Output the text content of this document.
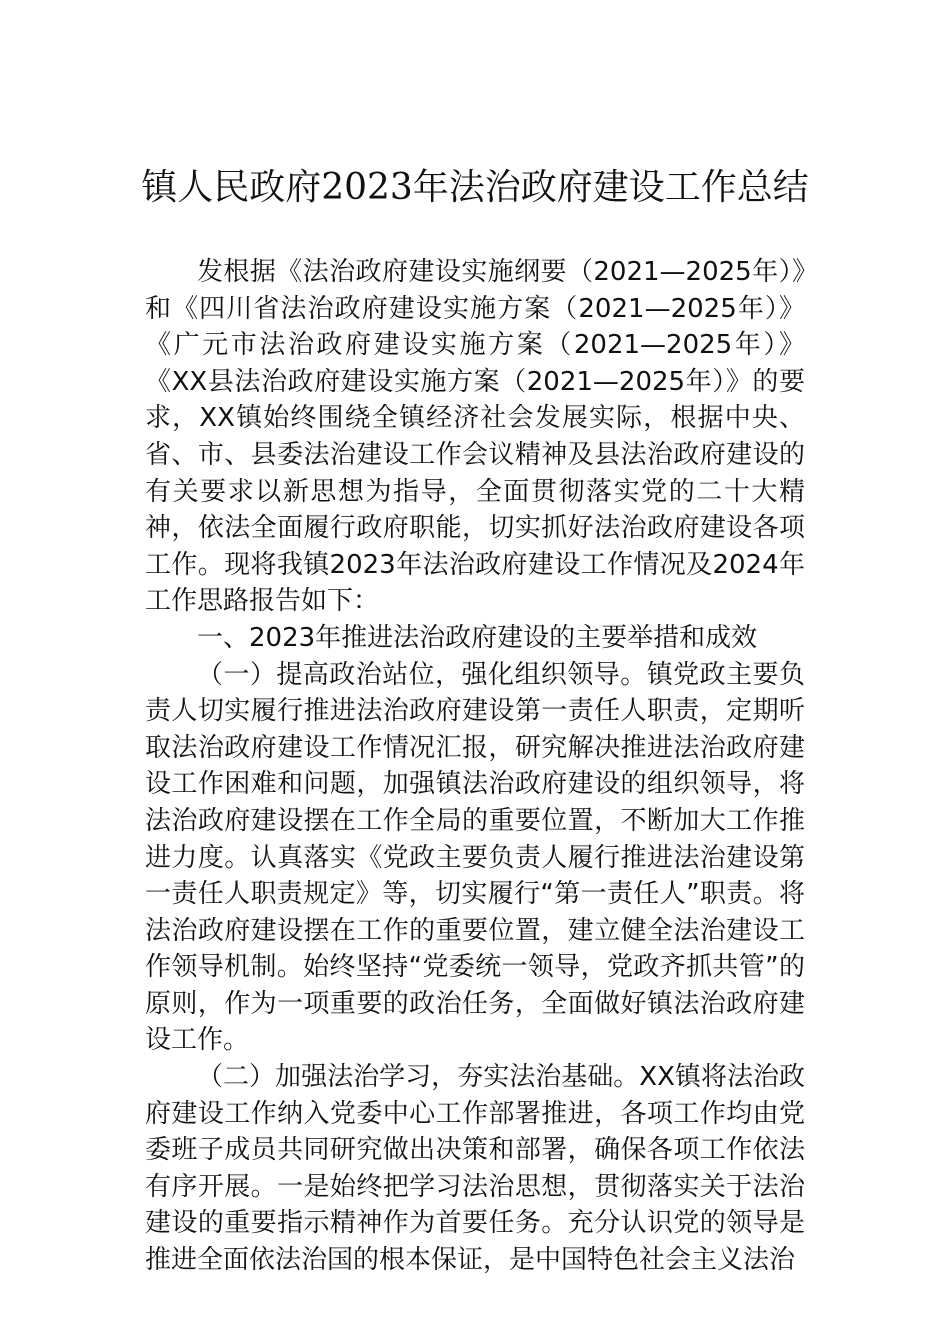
镇人民政府2023年法治政府建设工作总结

发根据《法治政府建设实施纲要（2021—2025年）》和《四川省法治政府建设实施方案（2021—2025年）》《广元市法治政府建设实施方案（2021—2025年）》《XX县法治政府建设实施方案（2021—2025年）》的要求，XX镇始终围绕全镇经济社会发展实际，根据中央、省、市、县委法治建设工作会议精神及县法治政府建设的有关要求以新思想为指导，全面贯彻落实党的二十大精神，依法全面履行政府职能，切实抓好法治政府建设各项工作。现将我镇2023年法治政府建设工作情况及2024年工作思路报告如下：

一、2023年推进法治政府建设的主要举措和成效

（一）提高政治站位，强化组织领导。镇党政主要负责人切实履行推进法治政府建设第一责任人职责，定期听取法治政府建设工作情况汇报，研究解决推进法治政府建设工作困难和问题，加强镇法治政府建设的组织领导，将法治政府建设摆在工作全局的重要位置，不断加大工作推进力度。认真落实《党政主要负责人履行推进法治建设第一责任人职责规定》等，切实履行“第一责任人”职责。将法治政府建设摆在工作的重要位置，建立健全法治建设工作领导机制。始终坚持“党委统一领导，党政齐抓共管”的原则，作为一项重要的政治任务，全面做好镇法治政府建设工作。

（二）加强法治学习，夯实法治基础。XX镇将法治政府建设工作纳入党委中心工作部署推进，各项工作均由党委班子成员共同研究做出决策和部署，确保各项工作依法有序开展。一是始终把学习法治思想，贯彻落实关于法治建设的重要指示精神作为首要任务。充分认识党的领导是推进全面依法治国的根本保证，是中国特色社会主义法治
